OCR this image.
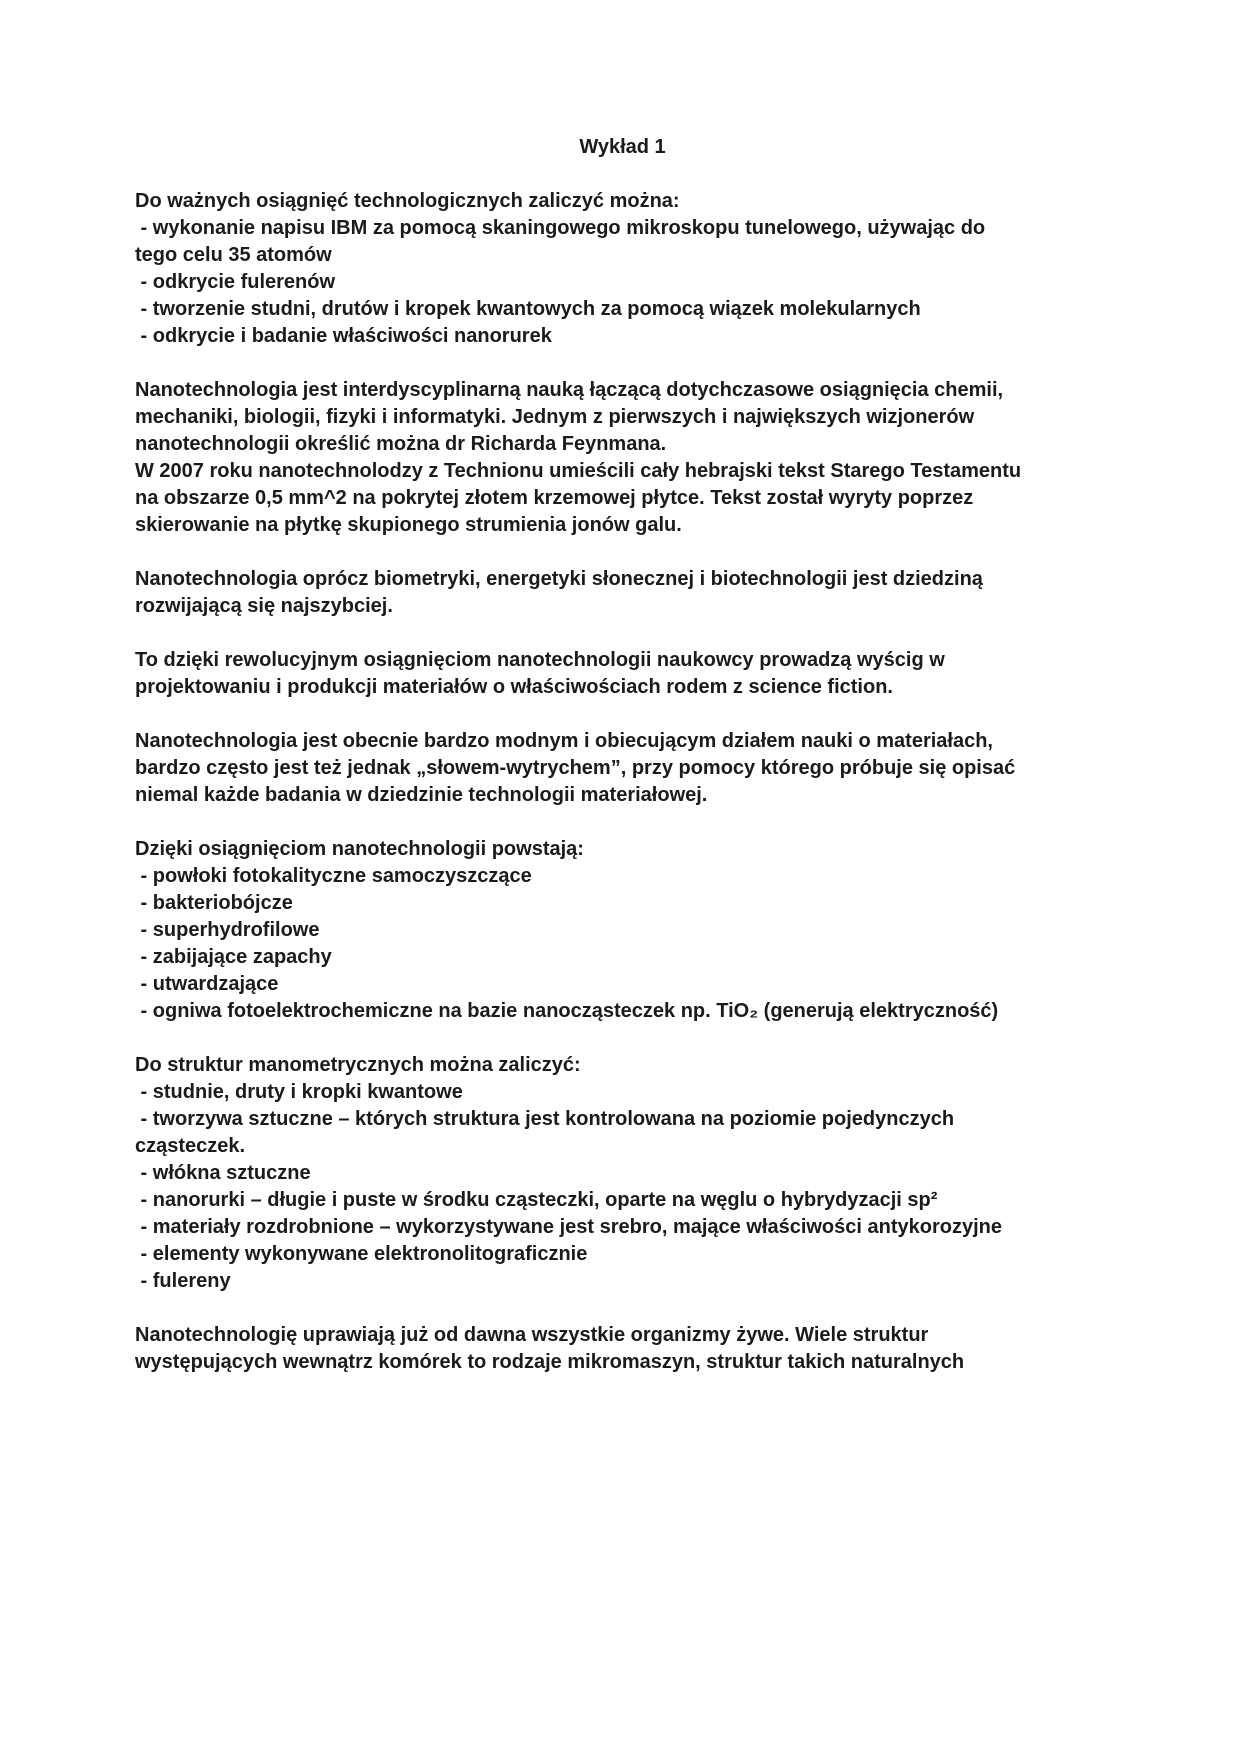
Wykład 1
Do ważnych osiągnięć technologicznych zaliczyć można:
- wykonanie napisu IBM za pomocą skaningowego mikroskopu tunelowego, używając do
tego celu 35 atomów
- odkrycie fulerenów
- tworzenie studni, drutów i kropek kwantowych za pomocą wiązek molekularnych
- odkrycie i badanie właściwości nanorurek
Nanotechnologia jest interdyscyplinarną nauką łączącą dotychczasowe osiągnięcia chemii,
mechaniki, biologii, fizyki i informatyki. Jednym z pierwszych i największych wizjonerów
nanotechnologii określić można dr Richarda Feynmana.
W 2007 roku nanotechnolodzy z Technionu umieścili cały hebrajski tekst Starego Testamentu
na obszarze 0,5 mm^2 na pokrytej złotem krzemowej płytce. Tekst został wyryty poprzez
skierowanie na płytkę skupionego strumienia jonów galu.
Nanotechnologia oprócz biometryki, energetyki słonecznej i biotechnologii jest dziedziną
rozwijającą się najszybciej.
To dzięki rewolucyjnym osiągnięciom nanotechnologii naukowcy prowadzą wyścig w
projektowaniu i produkcji materiałów o właściwościach rodem z science fiction.
Nanotechnologia jest obecnie bardzo modnym i obiecującym działem nauki o materiałach,
bardzo często jest też jednak „słowem-wytrychem”, przy pomocy którego próbuje się opisać
niemal każde badania w dziedzinie technologii materiałowej.
Dzięki osiągnięciom nanotechnologii powstają:
- powłoki fotokalityczne samoczyszczące
- bakteriobójcze
- superhydrofilowe
- zabijające zapachy
- utwardzające
- ogniwa fotoelektrochemiczne na bazie nanocząsteczek np. TiO₂ (generują elektryczność)
Do struktur manometrycznych można zaliczyć:
- studnie, druty i kropki kwantowe
- tworzywa sztuczne – których struktura jest kontrolowana na poziomie pojedynczych
cząsteczek.
- włókna sztuczne
- nanorurki – długie i puste w środku cząsteczki, oparte na węglu o hybrydyzacji sp²
- materiały rozdrobnione – wykorzystywane jest srebro, mające właściwości antykorozyjne
- elementy wykonywane elektronolitograficznie
- fulereny
Nanotechnologię uprawiają już od dawna wszystkie organizmy żywe. Wiele struktur
występujących wewnątrz komórek to rodzaje mikromaszyn, struktur takich naturalnych
